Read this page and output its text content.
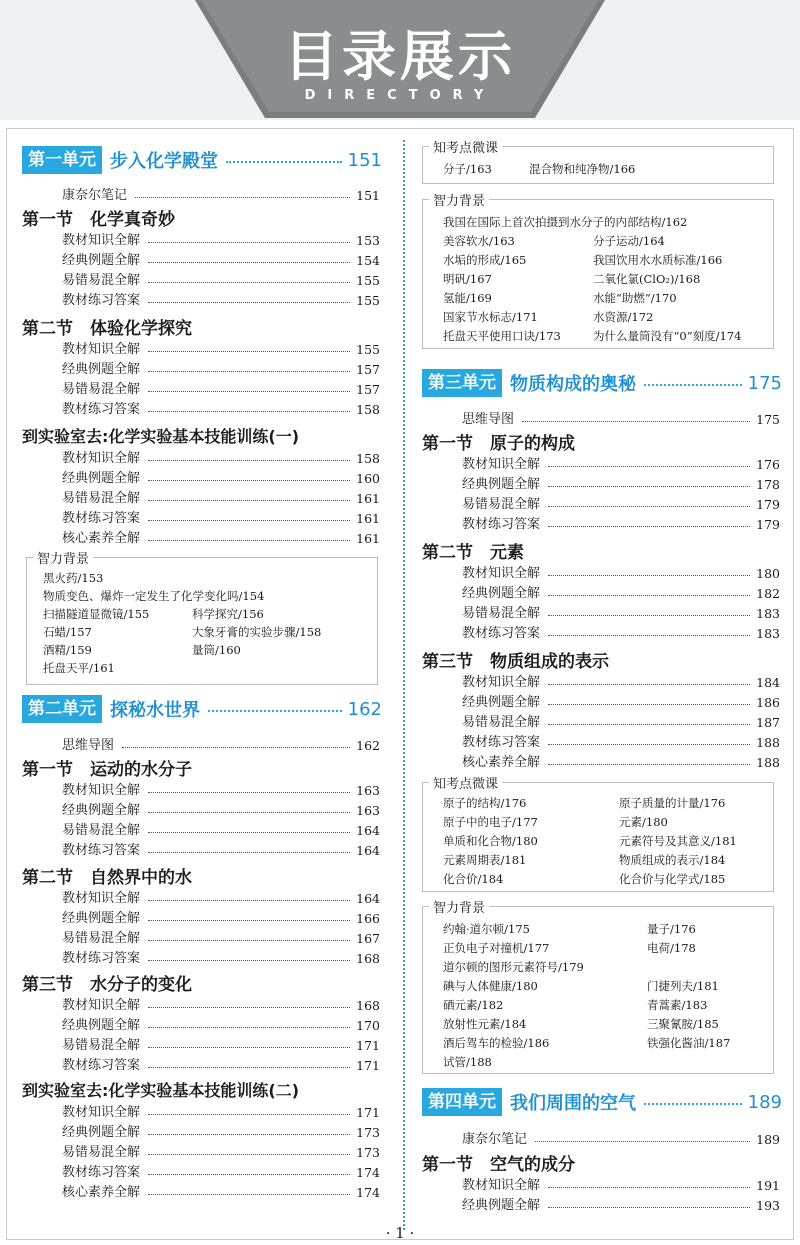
目录展示
DIRECTORY
第一单元 步入化学殿堂	151
康奈尔笔记	151
第一节　化学真奇妙
教材知识全解	153
经典例题全解	154
易错易混全解	155
教材练习答案	155
第二节　体验化学探究
教材知识全解	155
经典例题全解	157
易错易混全解	157
教材练习答案	158
到实验室去:化学实验基本技能训练(一)
教材知识全解	158
经典例题全解	160
易错易混全解	161
教材练习答案	161
核心素养全解	161
智力背景
黑火药/153
物质变色、爆炸一定发生了化学变化吗/154
扫描隧道显微镜/155	科学探究/156
石蜡/157	大象牙膏的实验步骤/158
酒精/159	量筒/160
托盘天平/161
第二单元 探秘水世界	162
思维导图	162
第一节　运动的水分子
教材知识全解	163
经典例题全解	163
易错易混全解	164
教材练习答案	164
第二节　自然界中的水
教材知识全解	164
经典例题全解	166
易错易混全解	167
教材练习答案	168
第三节　水分子的变化
教材知识全解	168
经典例题全解	170
易错易混全解	171
教材练习答案	171
到实验室去:化学实验基本技能训练(二)
教材知识全解	171
经典例题全解	173
易错易混全解	173
教材练习答案	174
核心素养全解	174
知考点微课
分子/163	混合物和纯净物/166
智力背景
我国在国际上首次拍摄到水分子的内部结构/162
美容软水/163	分子运动/164
水垢的形成/165	我国饮用水水质标准/166
明矾/167	二氧化氯(ClO₂)/168
氢能/169	水能“助燃”/170
国家节水标志/171	水资源/172
托盘天平使用口诀/173	为什么量筒没有“0”刻度/174
第三单元 物质构成的奥秘	175
思维导图	175
第一节　原子的构成
教材知识全解	176
经典例题全解	178
易错易混全解	179
教材练习答案	179
第二节　元素
教材知识全解	180
经典例题全解	182
易错易混全解	183
教材练习答案	183
第三节　物质组成的表示
教材知识全解	184
经典例题全解	186
易错易混全解	187
教材练习答案	188
核心素养全解	188
知考点微课
原子的结构/176	原子质量的计量/176
原子中的电子/177	元素/180
单质和化合物/180	元素符号及其意义/181
元素周期表/181	物质组成的表示/184
化合价/184	化合价与化学式/185
智力背景
约翰·道尔顿/175	量子/176
正负电子对撞机/177	电荷/178
道尔顿的图形元素符号/179
碘与人体健康/180	门捷列夫/181
硒元素/182	青蒿素/183
放射性元素/184	三聚氰胺/185
酒后驾车的检验/186	铁强化酱油/187
试管/188
第四单元 我们周围的空气	189
康奈尔笔记	189
第一节　空气的成分
教材知识全解	191
经典例题全解	193
· 1 ·
